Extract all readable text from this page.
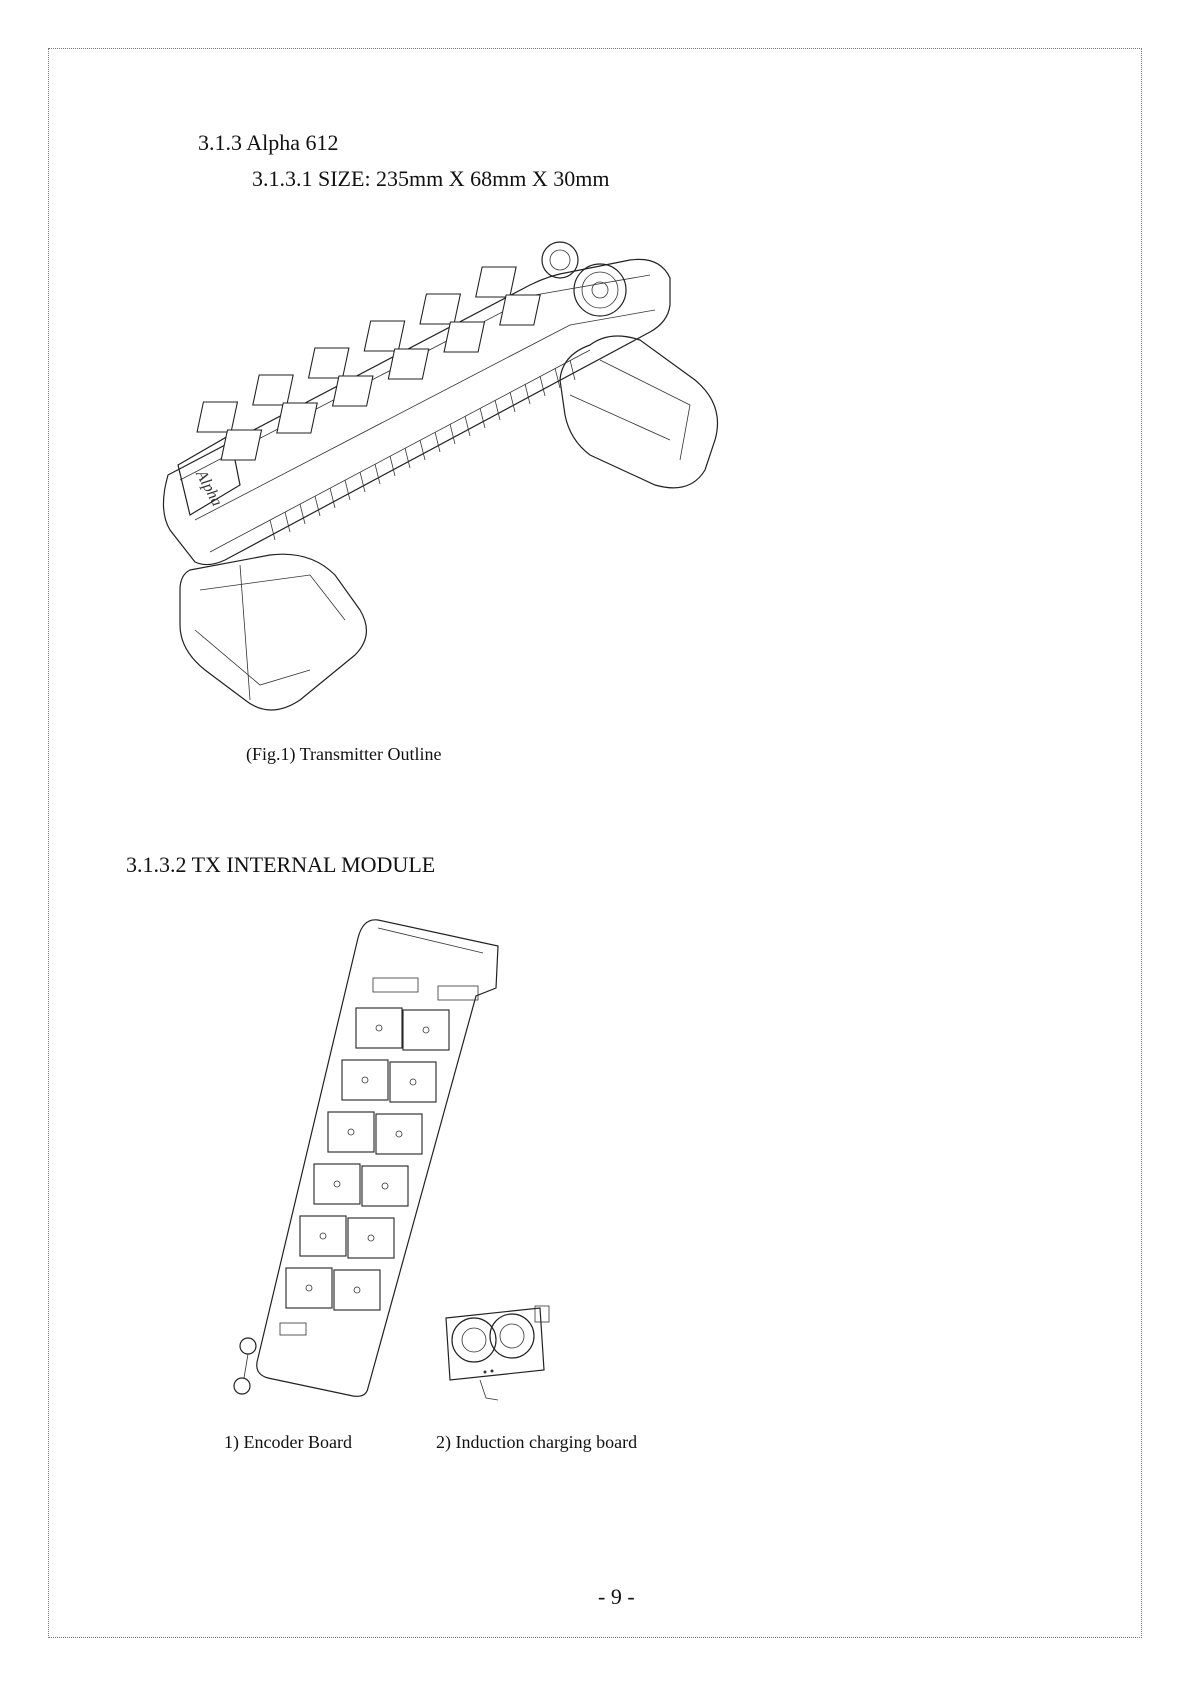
3.1.3 Alpha 612
3.1.3.1 SIZE: 235mm X 68mm X 30mm
Alpha
(Fig.1) Transmitter Outline
3.1.3.2 TX INTERNAL MODULE
1) Encoder Board	2) Induction charging board
- 9 -
